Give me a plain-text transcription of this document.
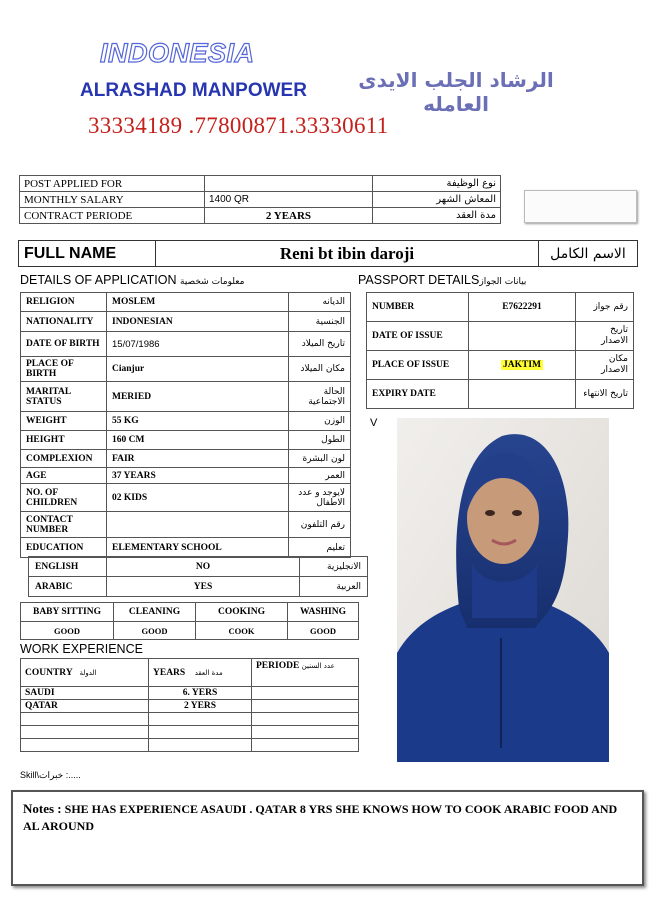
INDONESIA
ALRASHAD MANPOWER	الرشاد الجلب الايدى العامله
33334189 .77800871.33330611
POST APPLIED FOR		نوع الوظيفة
MONTHLY SALARY	1400 QR	المعاش الشهر
CONTRACT PERIODE	2 YEARS	مدة العقد
FULL NAME	Reni bt ibin daroji	الاسم الكامل
DETAILS OF APPLICATION معلومات شخصية	PASSPORT DETAILSبيانات الجواز
RELIGION	MOSLEM	الديانه
NATIONALITY	INDONESIAN	الجنسية
DATE OF BIRTH	15/07/1986	تاريخ الميلاد
PLACE OF BIRTH	Cianjur	مكان الميلاد
MARITAL STATUS	MERIED	الحالة الاجتماعية
WEIGHT	55 KG	الوزن
HEIGHT	160 CM	الطول
COMPLEXION	FAIR	لون البشرة
AGE	37 YEARS	العمر
NO. OF CHILDREN	02 KIDS	لايوجد و عدد الاطفال
CONTACT NUMBER		رقم التلفون
EDUCATION	ELEMENTARY SCHOOL	تعليم
ENGLISH	NO	الانجليزية
ARABIC	YES	العربية
BABY SITTING	CLEANING	COOKING	WASHING
GOOD	GOOD	COOK	GOOD
WORK EXPERIENCE
COUNTRY الدولة	YEARS مدة العقد	PERIODE عدد السنين
SAUDI	6. YERS	
QATAR	2 YERS	

NUMBER	E7622291	رقم جواز
DATE OF ISSUE		تاريخ الاصدار
PLACE OF ISSUE	JAKTIM	مكان الاصدار
EXPIRY DATE		تاريخ الانتهاء
V
Skill\خبرات :.....
Notes : SHE HAS EXPERIENCE ASAUDI . QATAR 8 YRS SHE KNOWS HOW TO COOK ARABIC FOOD AND AL AROUND
